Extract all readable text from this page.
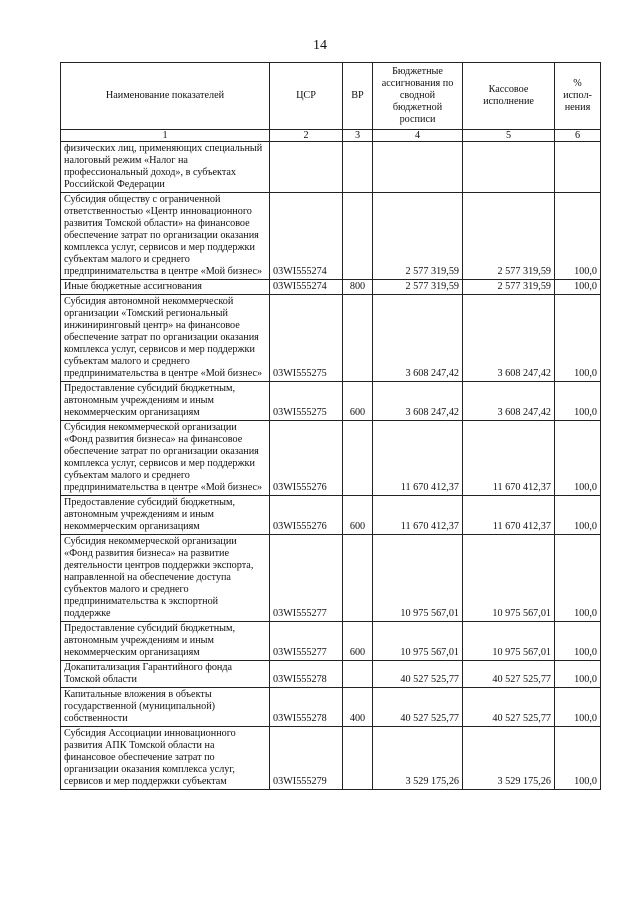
14
Наименование показателей	ЦСР	ВР	Бюджетные ассигнования по сводной бюджетной росписи	Кассовое исполнение	% испол- нения
1	2	3	4	5	6
физических лиц, применяющих специальный налоговый режим «Налог на профессиональный доход», в субъектах Российской Федерации					
Субсидия обществу с ограниченной ответственностью «Центр инновационного развития Томской области» на финансовое обеспечение затрат по организации оказания комплекса услуг, сервисов и мер поддержки субъектам малого и среднего предпринимательства в центре «Мой бизнес»	03WI555274		2 577 319,59	2 577 319,59	100,0
Иные бюджетные ассигнования	03WI555274	800	2 577 319,59	2 577 319,59	100,0
Субсидия автономной некоммерческой организации «Томский региональный инжиниринговый центр» на финансовое обеспечение затрат по организации оказания комплекса услуг, сервисов и мер поддержки субъектам малого и среднего предпринимательства в центре «Мой бизнес»	03WI555275		3 608 247,42	3 608 247,42	100,0
Предоставление субсидий бюджетным, автономным учреждениям и иным некоммерческим организациям	03WI555275	600	3 608 247,42	3 608 247,42	100,0
Субсидия некоммерческой организации «Фонд развития бизнеса» на финансовое обеспечение затрат по организации оказания комплекса услуг, сервисов и мер поддержки субъектам малого и среднего предпринимательства в центре «Мой бизнес»	03WI555276		11 670 412,37	11 670 412,37	100,0
Предоставление субсидий бюджетным, автономным учреждениям и иным некоммерческим организациям	03WI555276	600	11 670 412,37	11 670 412,37	100,0
Субсидия некоммерческой организации «Фонд развития бизнеса» на развитие деятельности центров поддержки экспорта, направленной на обеспечение доступа субъектов малого и среднего предпринимательства к экспортной поддержке	03WI555277		10 975 567,01	10 975 567,01	100,0
Предоставление субсидий бюджетным, автономным учреждениям и иным некоммерческим организациям	03WI555277	600	10 975 567,01	10 975 567,01	100,0
Докапитализация Гарантийного фонда Томской области	03WI555278		40 527 525,77	40 527 525,77	100,0
Капитальные вложения в объекты государственной (муниципальной) собственности	03WI555278	400	40 527 525,77	40 527 525,77	100,0
Субсидия Ассоциации инновационного развития АПК Томской области на финансовое обеспечение затрат по организации оказания комплекса услуг, сервисов и мер поддержки субъектам	03WI555279		3 529 175,26	3 529 175,26	100,0
